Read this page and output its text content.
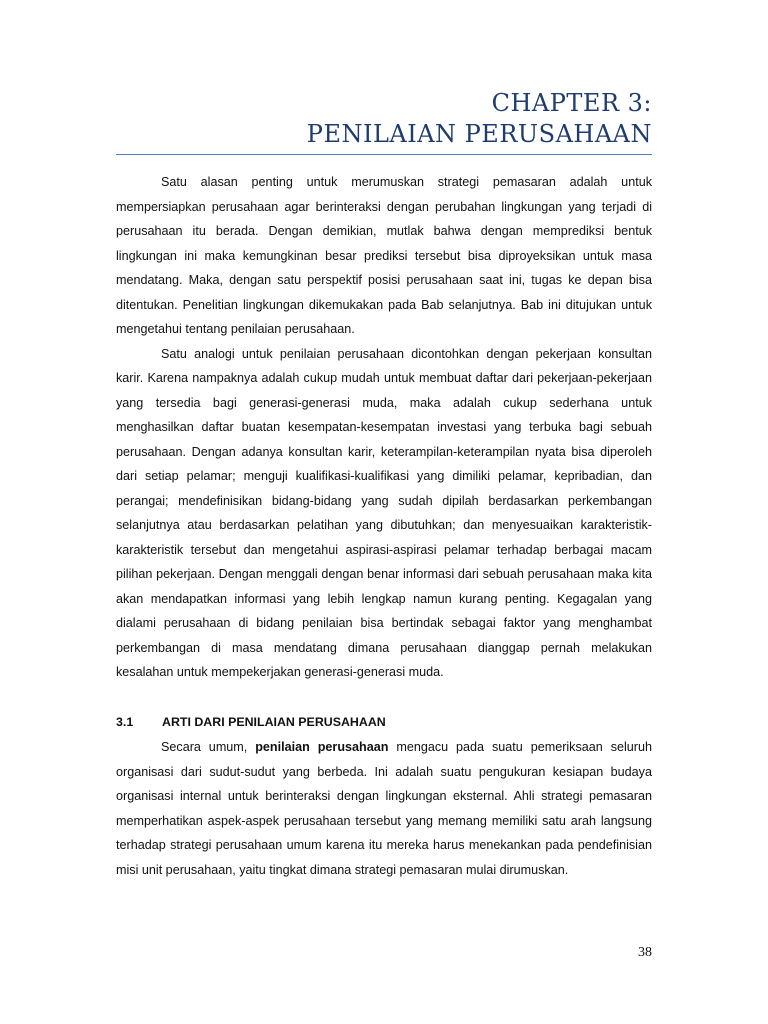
CHAPTER 3:
PENILAIAN PERUSAHAAN

Satu alasan penting untuk merumuskan strategi pemasaran adalah untuk mempersiapkan perusahaan agar berinteraksi dengan perubahan lingkungan yang terjadi di perusahaan itu berada. Dengan demikian, mutlak bahwa dengan memprediksi bentuk lingkungan ini maka kemungkinan besar prediksi tersebut bisa diproyeksikan untuk masa mendatang. Maka, dengan satu perspektif posisi perusahaan saat ini, tugas ke depan bisa ditentukan. Penelitian lingkungan dikemukakan pada Bab selanjutnya. Bab ini ditujukan untuk mengetahui tentang penilaian perusahaan.

Satu analogi untuk penilaian perusahaan dicontohkan dengan pekerjaan konsultan karir. Karena nampaknya adalah cukup mudah untuk membuat daftar dari pekerjaan-pekerjaan yang tersedia bagi generasi-generasi muda, maka adalah cukup sederhana untuk menghasilkan daftar buatan kesempatan-kesempatan investasi yang terbuka bagi sebuah perusahaan. Dengan adanya konsultan karir, keterampilan-keterampilan nyata bisa diperoleh dari setiap pelamar; menguji kualifikasi-kualifikasi yang dimiliki pelamar, kepribadian, dan perangai; mendefinisikan bidang-bidang yang sudah dipilah berdasarkan perkembangan selanjutnya atau berdasarkan pelatihan yang dibutuhkan; dan menyesuaikan karakteristik-karakteristik tersebut dan mengetahui aspirasi-aspirasi pelamar terhadap berbagai macam pilihan pekerjaan. Dengan menggali dengan benar informasi dari sebuah perusahaan maka kita akan mendapatkan informasi yang lebih lengkap namun kurang penting. Kegagalan yang dialami perusahaan di bidang penilaian bisa bertindak sebagai faktor yang menghambat perkembangan di masa mendatang dimana perusahaan dianggap pernah melakukan kesalahan untuk mempekerjakan generasi-generasi muda.

3.1 ARTI DARI PENILAIAN PERUSAHAAN

Secara umum, penilaian perusahaan mengacu pada suatu pemeriksaan seluruh organisasi dari sudut-sudut yang berbeda. Ini adalah suatu pengukuran kesiapan budaya organisasi internal untuk berinteraksi dengan lingkungan eksternal. Ahli strategi pemasaran memperhatikan aspek-aspek perusahaan tersebut yang memang memiliki satu arah langsung terhadap strategi perusahaan umum karena itu mereka harus menekankan pada pendefinisian misi unit perusahaan, yaitu tingkat dimana strategi pemasaran mulai dirumuskan.

38
